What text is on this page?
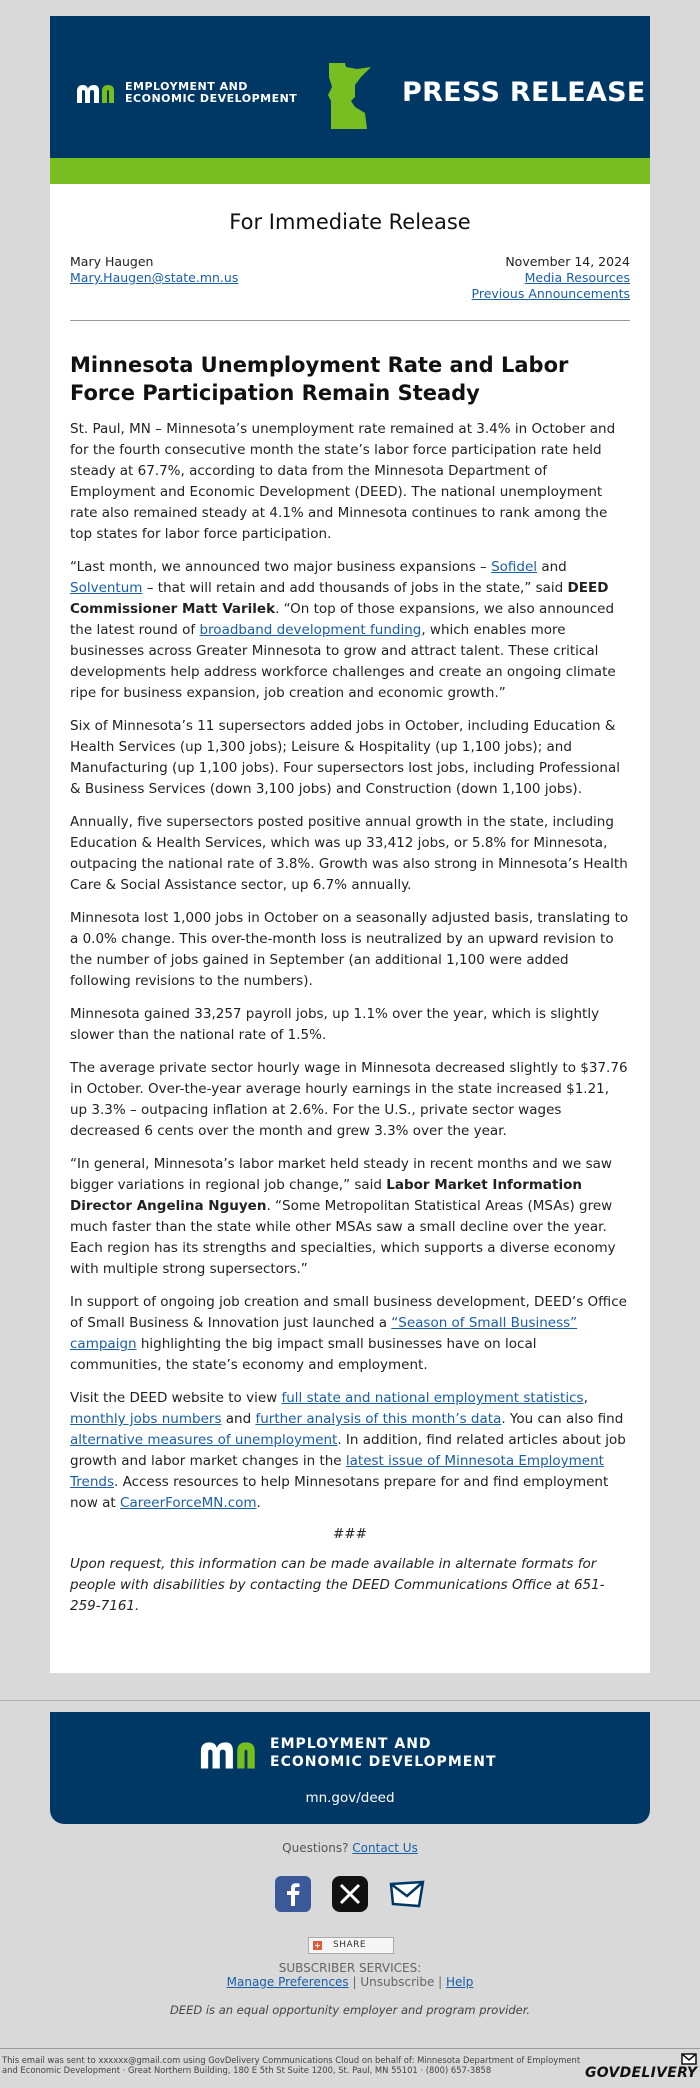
EMPLOYMENT AND
ECONOMIC DEVELOPMENT	PRESS RELEASE
For Immediate Release
Mary Haugen
Mary.Haugen@state.mn.us
November 14, 2024
Media Resources
Previous Announcements
Minnesota Unemployment Rate and Labor Force Participation Remain Steady

St. Paul, MN – Minnesota’s unemployment rate remained at 3.4% in October and for the fourth consecutive month the state’s labor force participation rate held steady at 67.7%, according to data from the Minnesota Department of Employment and Economic Development (DEED). The national unemployment rate also remained steady at 4.1% and Minnesota continues to rank among the top states for labor force participation.

“Last month, we announced two major business expansions – Sofidel and Solventum – that will retain and add thousands of jobs in the state,” said DEED Commissioner Matt Varilek. “On top of those expansions, we also announced the latest round of broadband development funding, which enables more businesses across Greater Minnesota to grow and attract talent. These critical developments help address workforce challenges and create an ongoing climate ripe for business expansion, job creation and economic growth.”

Six of Minnesota’s 11 supersectors added jobs in October, including Education & Health Services (up 1,300 jobs); Leisure & Hospitality (up 1,100 jobs); and Manufacturing (up 1,100 jobs). Four supersectors lost jobs, including Professional & Business Services (down 3,100 jobs) and Construction (down 1,100 jobs).

Annually, five supersectors posted positive annual growth in the state, including Education & Health Services, which was up 33,412 jobs, or 5.8% for Minnesota, outpacing the national rate of 3.8%. Growth was also strong in Minnesota’s Health Care & Social Assistance sector, up 6.7% annually.

Minnesota lost 1,000 jobs in October on a seasonally adjusted basis, translating to a 0.0% change. This over-the-month loss is neutralized by an upward revision to the number of jobs gained in September (an additional 1,100 were added following revisions to the numbers).

Minnesota gained 33,257 payroll jobs, up 1.1% over the year, which is slightly slower than the national rate of 1.5%.

The average private sector hourly wage in Minnesota decreased slightly to $37.76 in October. Over-the-year average hourly earnings in the state increased $1.21, up 3.3% – outpacing inflation at 2.6%. For the U.S., private sector wages decreased 6 cents over the month and grew 3.3% over the year.

“In general, Minnesota’s labor market held steady in recent months and we saw bigger variations in regional job change,” said Labor Market Information Director Angelina Nguyen. “Some Metropolitan Statistical Areas (MSAs) grew much faster than the state while other MSAs saw a small decline over the year. Each region has its strengths and specialties, which supports a diverse economy with multiple strong supersectors.”

In support of ongoing job creation and small business development, DEED’s Office of Small Business & Innovation just launched a “Season of Small Business” campaign highlighting the big impact small businesses have on local communities, the state’s economy and employment.

Visit the DEED website to view full state and national employment statistics, monthly jobs numbers and further analysis of this month’s data. You can also find alternative measures of unemployment. In addition, find related articles about job growth and labor market changes in the latest issue of Minnesota Employment Trends. Access resources to help Minnesotans prepare for and find employment now at CareerForceMN.com.

###

Upon request, this information can be made available in alternate formats for people with disabilities by contacting the DEED Communications Office at 651-259-7161.

EMPLOYMENT AND
ECONOMIC DEVELOPMENT
mn.gov/deed
Questions? Contact Us
+ SHARE
SUBSCRIBER SERVICES:
Manage Preferences | Unsubscribe | Help
DEED is an equal opportunity employer and program provider.
This email was sent to xxxxxx@gmail.com using GovDelivery Communications Cloud on behalf of: Minnesota Department of Employment and Economic Development · Great Northern Building, 180 E 5th St Suite 1200, St. Paul, MN 55101 · (800) 657-3858	GOVDELIVERY
